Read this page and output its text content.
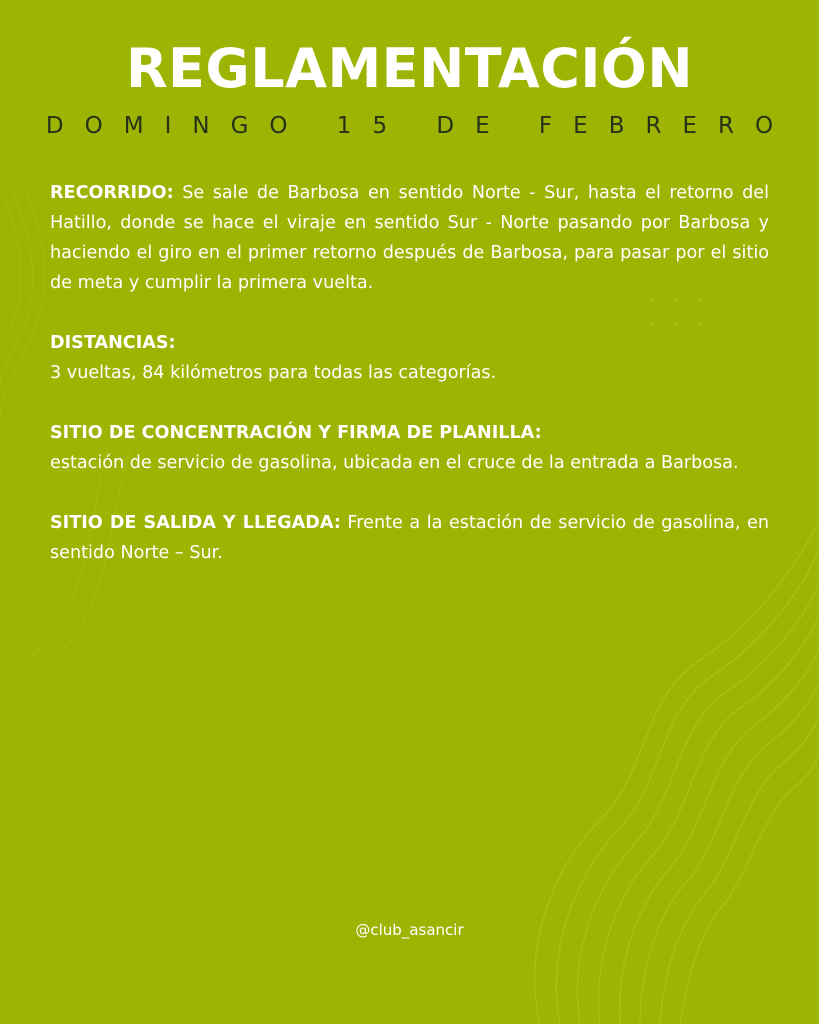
REGLAMENTACIÓN
DOMINGO 15 DE FEBRERO

RECORRIDO: Se sale de Barbosa en sentido Norte - Sur, hasta el retorno del Hatillo, donde se hace el viraje en sentido Sur - Norte pasando por Barbosa y haciendo el giro en el primer retorno después de Barbosa, para pasar por el sitio de meta y cumplir la primera vuelta.

DISTANCIAS:

3 vueltas, 84 kilómetros para todas las categorías.

SITIO DE CONCENTRACIÓN Y FIRMA DE PLANILLA:

estación de servicio de gasolina, ubicada en el cruce de la entrada a Barbosa.

SITIO DE SALIDA Y LLEGADA: Frente a la estación de servicio de gasolina, en sentido Norte – Sur.

@club_asancir
